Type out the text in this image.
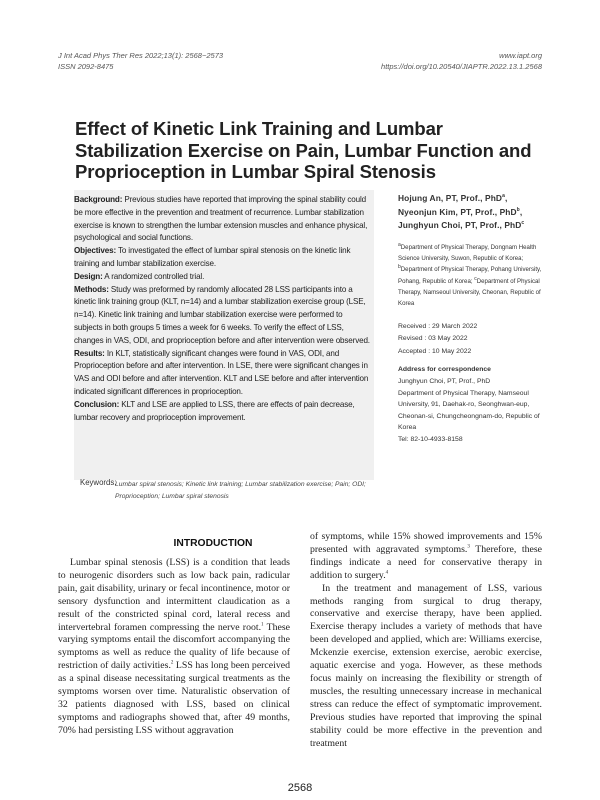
J Int Acad Phys Ther Res 2022;13(1): 2568~2573
ISSN 2092-8475
www.iapt.org
https://doi.org/10.20540/JIAPTR.2022.13.1.2568
Effect of Kinetic Link Training and Lumbar Stabilization Exercise on Pain, Lumbar Function and Proprioception in Lumbar Spiral Stenosis

Background: Previous studies have reported that improving the spinal stability could be more effective in the prevention and treatment of recurrence. Lumbar stabilization exercise is known to strengthen the lumbar extension muscles and enhance physical, psychological and social functions.

Objectives: To investigated the effect of lumbar spiral stenosis on the kinetic link training and lumbar stabilization exercise.

Design: A randomized controlled trial.

Methods: Study was preformed by randomly allocated 28 LSS participants into a kinetic link training group (KLT, n=14) and a lumbar stabilization exercise group (LSE, n=14). Kinetic link training and lumbar stabilization exercise were performed to subjects in both groups 5 times a week for 6 weeks. To verify the effect of LSS, changes in VAS, ODI, and proprioception before and after intervention were observed.

Results: In KLT, statistically significant changes were found in VAS, ODI, and Proprioception before and after intervention. In LSE, there were significant changes in VAS and ODI before and after intervention. KLT and LSE before and after intervention indicated significant differences in proprioception.

Conclusion: KLT and LSE are applied to LSS, there are effects of pain decrease, lumbar recovery and proprioception improvement.

Hojung An, PT, Prof., PhD$^a$,
Nyeonjun Kim, PT, Prof., PhD$^b$,
Junghyun Choi, PT, Prof., PhD$^c$
$^a$Department of Physical Therapy, Dongnam Health Science University, Suwon, Republic of Korea; $^b$Department of Physical Therapy, Pohang University, Pohang, Republic of Korea; $^c$Department of Physical Therapy, Namseoul University, Cheonan, Republic of Korea
Received : 29 March 2022
Revised : 03 May 2022
Accepted : 10 May 2022
Address for correspondence
Junghyun Choi, PT, Prof., PhD
Department of Physical Therapy, Namseoul University, 91, Daehak-ro, Seonghwan-eup, Cheonan-si, Chungcheongnam-do, Republic of Korea
Tel: 82-10-4933-8158
Keywords:
Lumbar spiral stenosis; Kinetic link training; Lumbar stabilization exercise; Pain; ODI; Proprioception; Lumbar spiral stenosis
INTRODUCTION

Lumbar spinal stenosis (LSS) is a condition that leads to neurogenic disorders such as low back pain, radicular pain, gait disability, urinary or fecal incontinence, motor or sensory dysfunction and intermittent claudication as a result of the constricted spinal cord, lateral recess and intervertebral foramen compressing the nerve root.$^1$ These varying symptoms entail the discomfort accompanying the symptoms as well as reduce the quality of life because of restriction of daily activities.$^2$ LSS has long been perceived as a spinal disease necessitating surgical treatments as the symptoms worsen over time. Naturalistic observation of 32 patients diagnosed with LSS, based on clinical symptoms and radiographs showed that, after 49 months, 70% had persisting LSS without aggravation

of symptoms, while 15% showed improvements and 15% presented with aggravated symptoms.$^3$ Therefore, these findings indicate a need for conservative therapy in addition to surgery.$^4$

In the treatment and management of LSS, various methods ranging from surgical to drug therapy, conservative and exercise therapy, have been applied. Exercise therapy includes a variety of methods that have been developed and applied, which are: Williams exercise, Mckenzie exercise, extension exercise, aerobic exercise, aquatic exercise and yoga. However, as these methods focus mainly on increasing the flexibility or strength of muscles, the resulting unnecessary increase in mechanical stress can reduce the effect of symptomatic improvement. Previous studies have reported that improving the spinal stability could be more effective in the prevention and treatment

2568
